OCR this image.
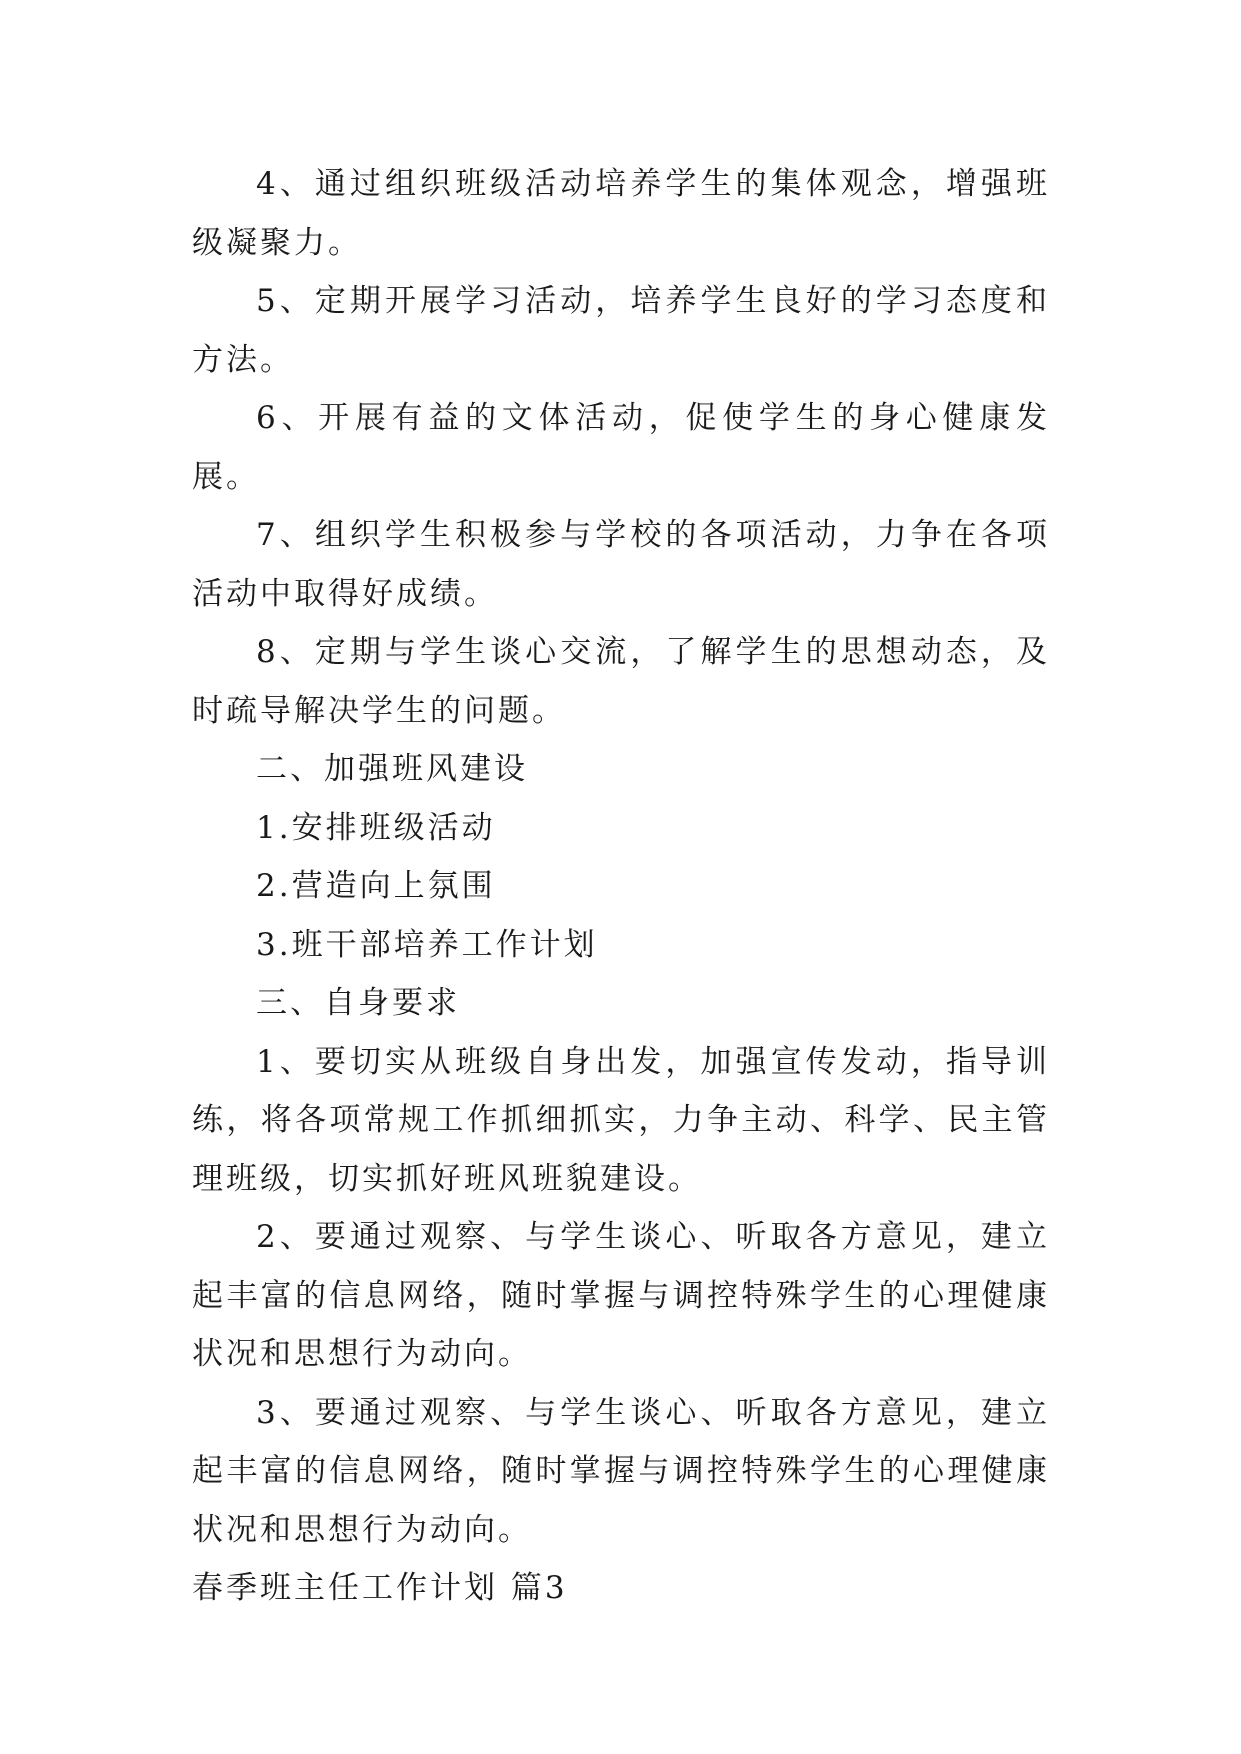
4、通过组织班级活动培养学生的集体观念，增强班级凝聚力。

5、定期开展学习活动，培养学生良好的学习态度和方法。

6、开展有益的文体活动，促使学生的身心健康发展。

7、组织学生积极参与学校的各项活动，力争在各项活动中取得好成绩。

8、定期与学生谈心交流，了解学生的思想动态，及时疏导解决学生的问题。

二、加强班风建设

1.安排班级活动

2.营造向上氛围

3.班干部培养工作计划

三、自身要求

1、要切实从班级自身出发，加强宣传发动，指导训练，将各项常规工作抓细抓实，力争主动、科学、民主管理班级，切实抓好班风班貌建设。

2、要通过观察、与学生谈心、听取各方意见，建立起丰富的信息网络，随时掌握与调控特殊学生的心理健康状况和思想行为动向。

3、要通过观察、与学生谈心、听取各方意见，建立起丰富的信息网络，随时掌握与调控特殊学生的心理健康状况和思想行为动向。

春季班主任工作计划 篇3
